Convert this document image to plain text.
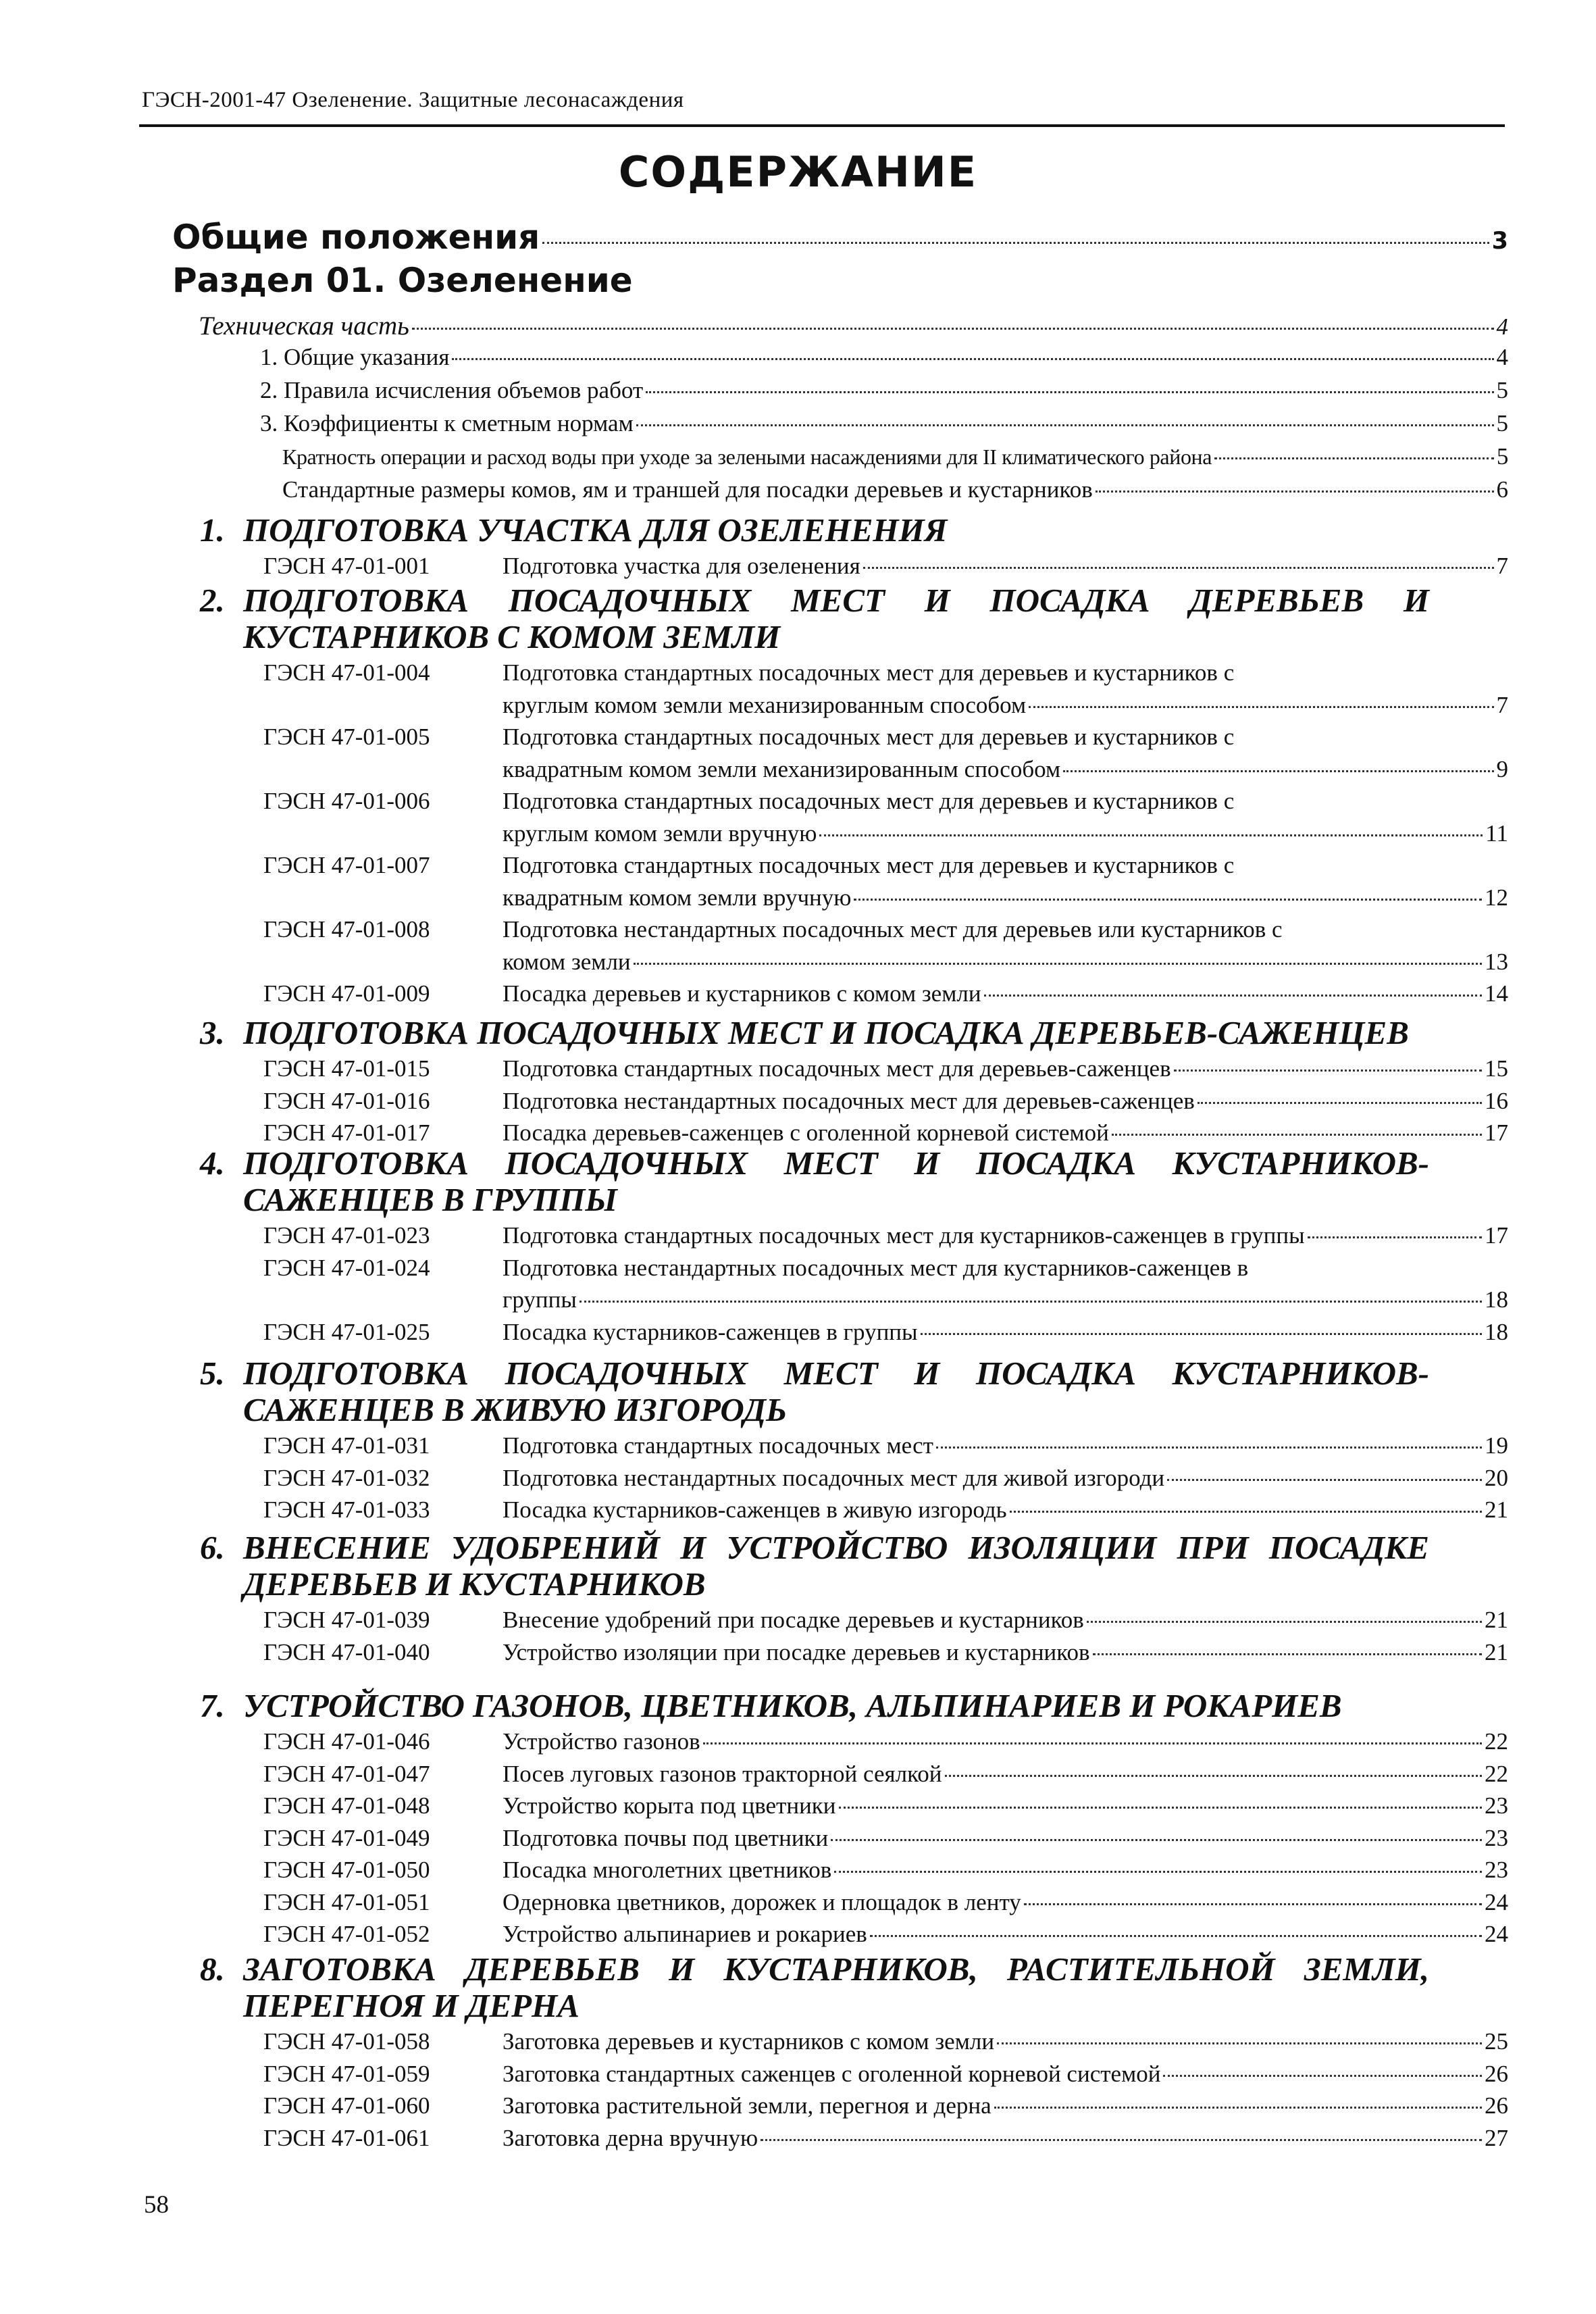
ГЭСН-2001-47 Озеленение. Защитные лесонасаждения
СОДЕРЖАНИЕ
Общие положения	3
Раздел 01. Озеленение
Техническая часть	4
1. Общие указания	4
2. Правила исчисления объемов работ	5
3. Коэффициенты к сметным нормам	5
Кратность операции и расход воды при уходе за зелеными насаждениями для II климатического района	5
Стандартные размеры комов, ям и траншей для посадки деревьев и кустарников	6
1. ПОДГОТОВКА УЧАСТКА ДЛЯ ОЗЕЛЕНЕНИЯ
ГЭСН 47-01-001	Подготовка участка для озеленения	7
2. ПОДГОТОВКА ПОСАДОЧНЫХ МЕСТ И ПОСАДКА ДЕРЕВЬЕВ И
КУСТАРНИКОВ С КОМОМ ЗЕМЛИ
ГЭСН 47-01-004	Подготовка стандартных посадочных мест для деревьев и кустарников с
круглым комом земли механизированным способом	7
ГЭСН 47-01-005	Подготовка стандартных посадочных мест для деревьев и кустарников с
квадратным комом земли механизированным способом	9
ГЭСН 47-01-006	Подготовка стандартных посадочных мест для деревьев и кустарников с
круглым комом земли вручную	11
ГЭСН 47-01-007	Подготовка стандартных посадочных мест для деревьев и кустарников с
квадратным комом земли вручную	12
ГЭСН 47-01-008	Подготовка нестандартных посадочных мест для деревьев или кустарников с
комом земли	13
ГЭСН 47-01-009	Посадка деревьев и кустарников с комом земли	14
3. ПОДГОТОВКА ПОСАДОЧНЫХ МЕСТ И ПОСАДКА ДЕРЕВЬЕВ-САЖЕНЦЕВ
ГЭСН 47-01-015	Подготовка стандартных посадочных мест для деревьев-саженцев	15
ГЭСН 47-01-016	Подготовка нестандартных посадочных мест для деревьев-саженцев	16
ГЭСН 47-01-017	Посадка деревьев-саженцев с оголенной корневой системой	17
4. ПОДГОТОВКА ПОСАДОЧНЫХ МЕСТ И ПОСАДКА КУСТАРНИКОВ-
САЖЕНЦЕВ В ГРУППЫ
ГЭСН 47-01-023	Подготовка стандартных посадочных мест для кустарников-саженцев в группы	17
ГЭСН 47-01-024	Подготовка нестандартных посадочных мест для кустарников-саженцев в
группы	18
ГЭСН 47-01-025	Посадка кустарников-саженцев в группы	18
5. ПОДГОТОВКА ПОСАДОЧНЫХ МЕСТ И ПОСАДКА КУСТАРНИКОВ-
САЖЕНЦЕВ В ЖИВУЮ ИЗГОРОДЬ
ГЭСН 47-01-031	Подготовка стандартных посадочных мест	19
ГЭСН 47-01-032	Подготовка нестандартных посадочных мест для живой изгороди	20
ГЭСН 47-01-033	Посадка кустарников-саженцев в живую изгородь	21
6. ВНЕСЕНИЕ УДОБРЕНИЙ И УСТРОЙСТВО ИЗОЛЯЦИИ ПРИ ПОСАДКЕ
ДЕРЕВЬЕВ И КУСТАРНИКОВ
ГЭСН 47-01-039	Внесение удобрений при посадке деревьев и кустарников	21
ГЭСН 47-01-040	Устройство изоляции при посадке деревьев и кустарников	21
7. УСТРОЙСТВО ГАЗОНОВ, ЦВЕТНИКОВ, АЛЬПИНАРИЕВ И РОКАРИЕВ
ГЭСН 47-01-046	Устройство газонов	22
ГЭСН 47-01-047	Посев луговых газонов тракторной сеялкой	22
ГЭСН 47-01-048	Устройство корыта под цветники	23
ГЭСН 47-01-049	Подготовка почвы под цветники	23
ГЭСН 47-01-050	Посадка многолетних цветников	23
ГЭСН 47-01-051	Одерновка цветников, дорожек и площадок в ленту	24
ГЭСН 47-01-052	Устройство альпинариев и рокариев	24
8. ЗАГОТОВКА ДЕРЕВЬЕВ И КУСТАРНИКОВ, РАСТИТЕЛЬНОЙ ЗЕМЛИ,
ПЕРЕГНОЯ И ДЕРНА
ГЭСН 47-01-058	Заготовка деревьев и кустарников с комом земли	25
ГЭСН 47-01-059	Заготовка стандартных саженцев с оголенной корневой системой	26
ГЭСН 47-01-060	Заготовка растительной земли, перегноя и дерна	26
ГЭСН 47-01-061	Заготовка дерна вручную	27
58
